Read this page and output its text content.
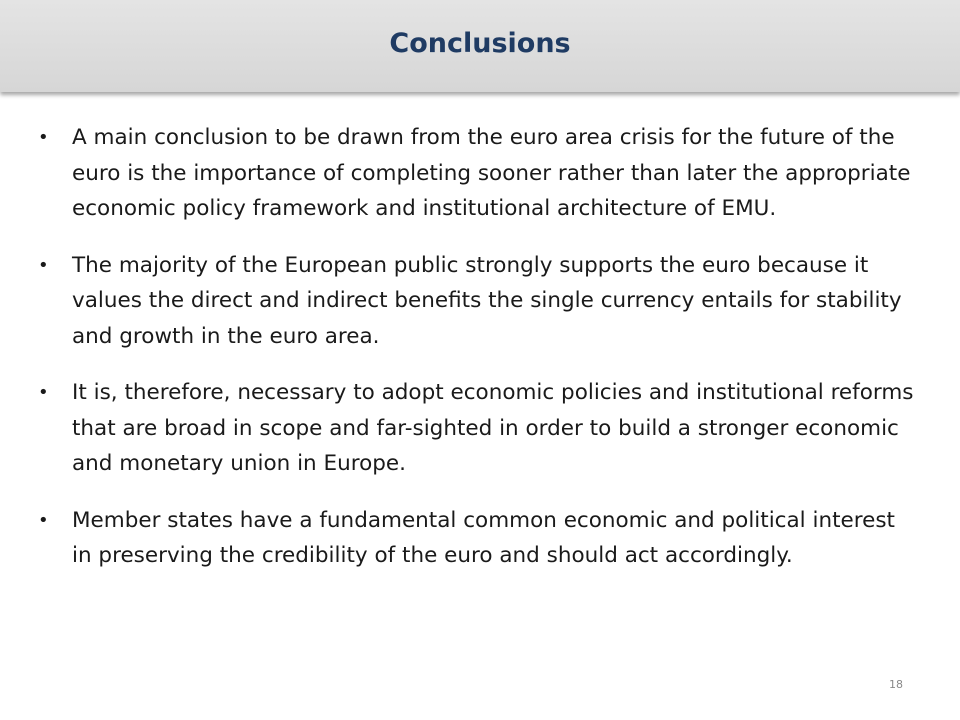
Conclusions
• A main conclusion to be drawn from the euro area crisis for the future of the euro is the importance of completing sooner rather than later the appropriate economic policy framework and institutional architecture of EMU.
• The majority of the European public strongly supports the euro because it values the direct and indirect benefits the single currency entails for stability and growth in the euro area.
• It is, therefore, necessary to adopt economic policies and institutional reforms that are broad in scope and far-sighted in order to build a stronger economic and monetary union in Europe.
• Member states have a fundamental common economic and political interest in preserving the credibility of the euro and should act accordingly.
18
